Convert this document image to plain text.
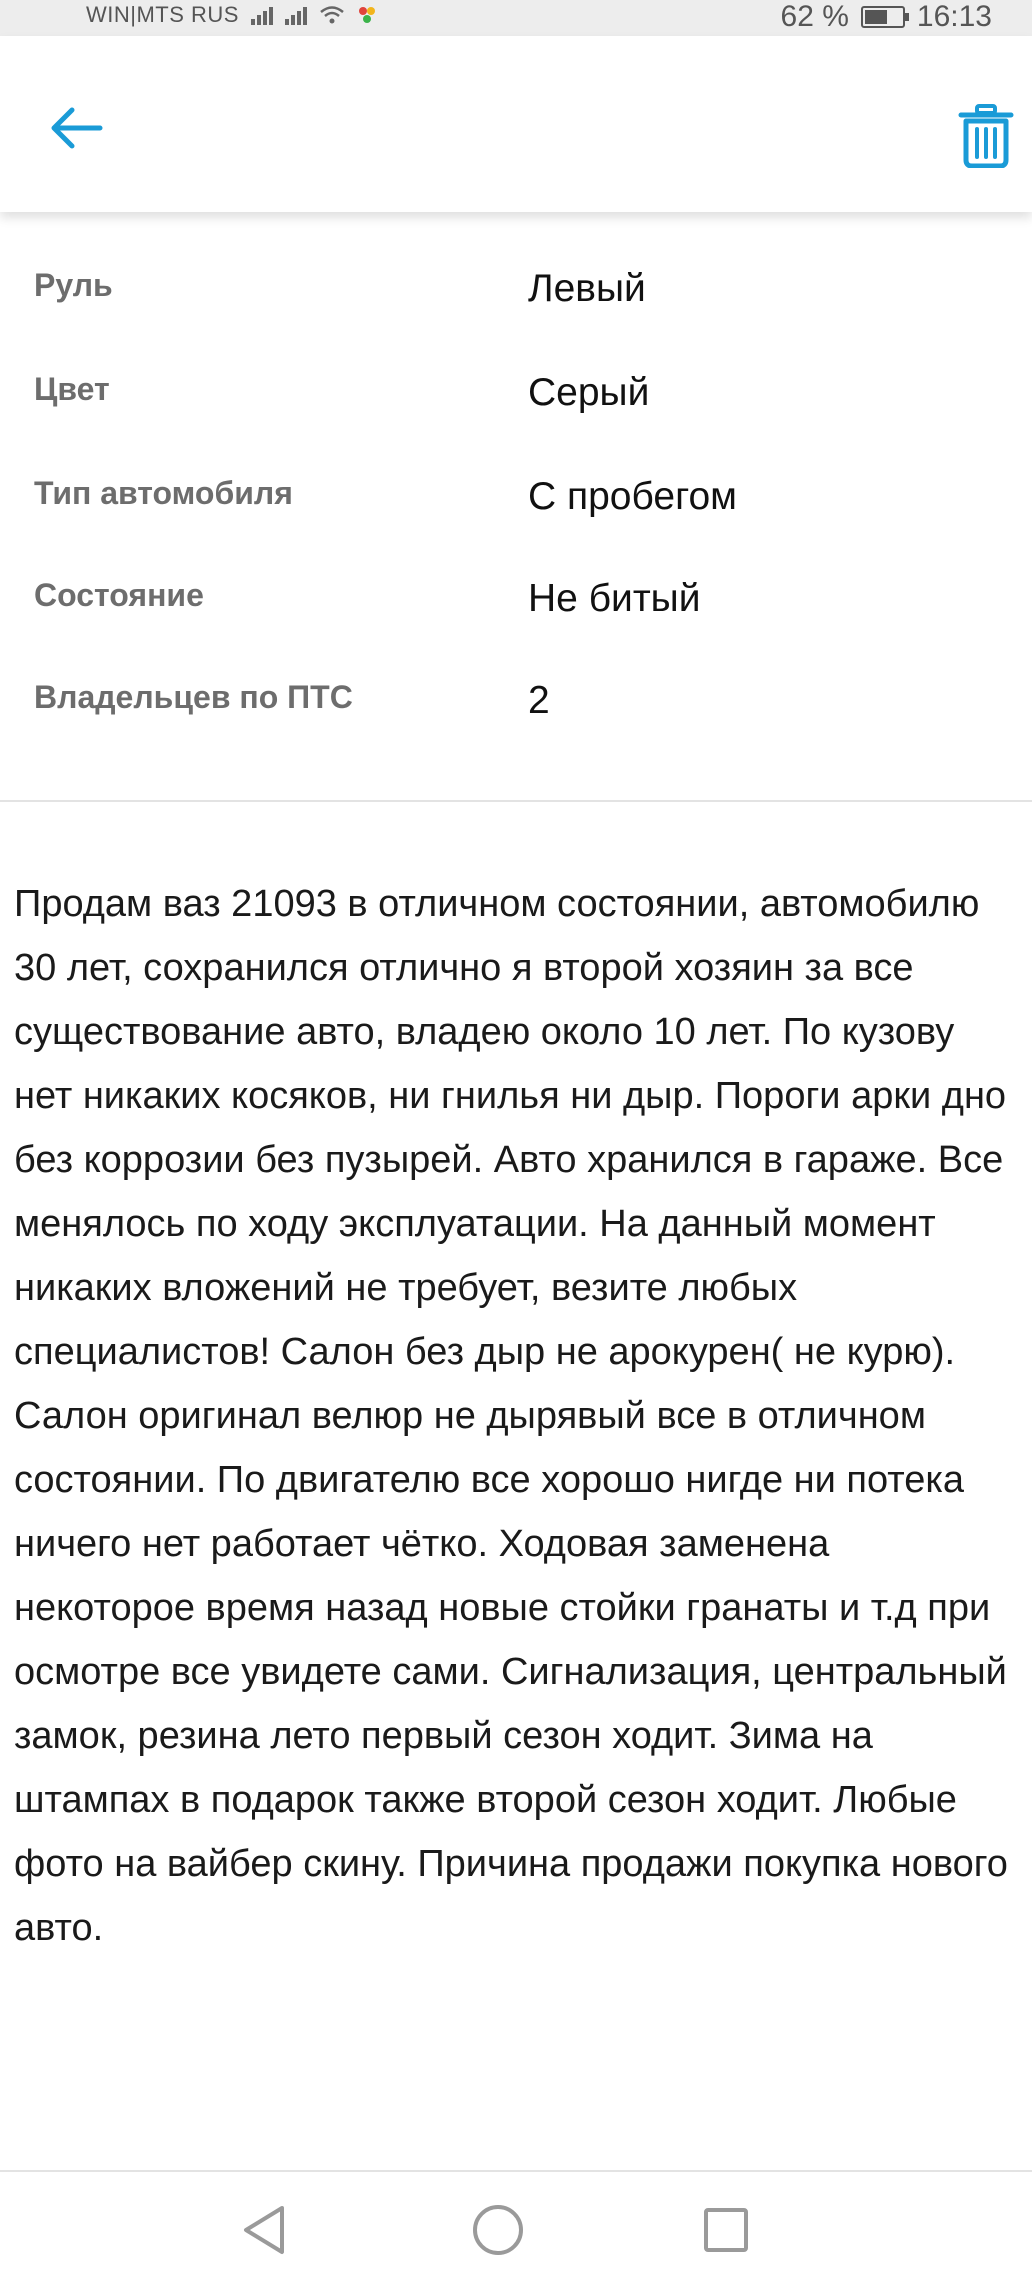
WIN|MTS RUS	62 % 16:13
Руль	Левый
Цвет	Серый
Тип автомобиля	С пробегом
Состояние	Не битый
Владельцев по ПТС	2

Продам ваз 21093 в отличном состоянии, автомобилю 30 лет, сохранился отлично я второй хозяин за все существование авто, владею около 10 лет. По кузову нет никаких косяков, ни гнилья ни дыр. Пороги арки дно без коррозии без пузырей. Авто хранился в гараже. Все менялось по ходу эксплуатации. На данный момент никаких вложений не требует, везите любых специалистов! Салон без дыр не арокурен( не курю). Салон оригинал велюр не дырявый все в отличном состоянии. По двигателю все хорошо нигде ни потека ничего нет работает чётко. Ходовая заменена некоторое время назад новые стойки гранаты и т.д при осмотре все увидете сами. Сигнализация, центральный замок, резина лето первый сезон ходит. Зима на штампах в подарок также второй сезон ходит. Любые фото на вайбер скину. Причина продажи покупка нового авто.
